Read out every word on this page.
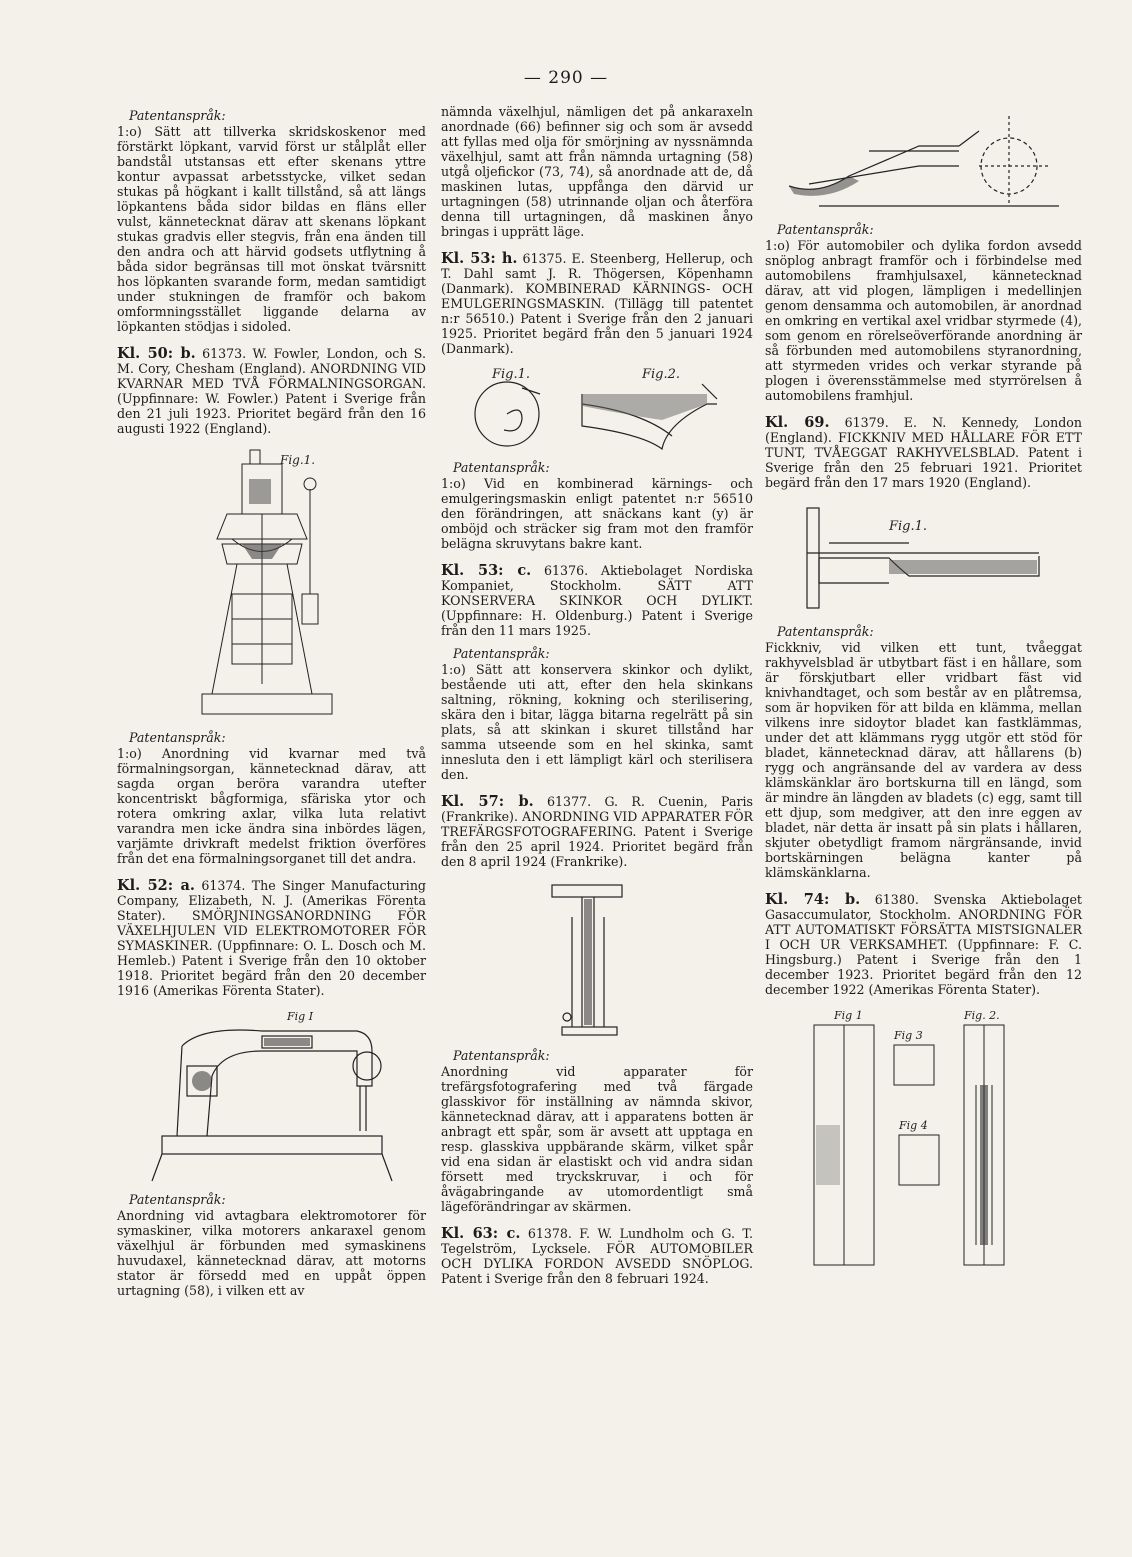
— 290 —

Patentanspråk:

1:o) Sätt att tillverka skridskoskenor med förstärkt löpkant, varvid först ur stålplåt eller bandstål utstansas ett efter skenans yttre kontur avpassat arbetsstycke, vilket sedan stukas på högkant i kallt tillstånd, så att längs löpkantens båda sidor bildas en fläns eller vulst, kännetecknat därav att skenans löpkant stukas gradvis eller stegvis, från ena änden till den andra och att härvid godsets utflytning å båda sidor begränsas till mot önskat tvärsnitt hos löpkanten svarande form, medan samtidigt under stukningen de framför och bakom omformningsstället liggande delarna av löpkanten stödjas i sidoled.

Kl. 50: b. 61373. W. Fowler, London, och S. M. Cory, Chesham (England). ANORDNING VID KVARNAR MED TVÅ FÖRMALNINGSORGAN. (Uppfinnare: W. Fowler.) Patent i Sverige från den 21 juli 1923. Prioritet begärd från den 16 augusti 1922 (England).

Fig.1.

Patentanspråk:

1:o) Anordning vid kvarnar med två förmalningsorgan, kännetecknad därav, att sagda organ beröra varandra utefter koncentriskt bågformiga, sfäriska ytor och rotera omkring axlar, vilka luta relativt varandra men icke ändra sina inbördes lägen, varjämte drivkraft medelst friktion överföres från det ena förmalningsorganet till det andra.

Kl. 52: a. 61374. The Singer Manufacturing Company, Elizabeth, N. J. (Amerikas Förenta Stater). SMÖRJNINGSANORDNING FÖR VÄXELHJULEN VID ELEKTROMOTORER FÖR SYMASKINER. (Uppfinnare: O. L. Dosch och M. Hemleb.) Patent i Sverige från den 10 oktober 1918. Prioritet begärd från den 20 december 1916 (Amerikas Förenta Stater).

Fig I

Patentanspråk:

Anordning vid avtagbara elektromotorer för symaskiner, vilka motorers ankaraxel genom växelhjul är förbunden med symaskinens huvudaxel, kännetecknad därav, att motorns stator är försedd med en uppåt öppen urtagning (58), i vilken ett av

nämnda växelhjul, nämligen det på ankaraxeln anordnade (66) befinner sig och som är avsedd att fyllas med olja för smörjning av nyssnämnda växelhjul, samt att från nämnda urtagning (58) utgå oljefickor (73, 74), så anordnade att de, då maskinen lutas, uppfånga den därvid ur urtagningen (58) utrinnande oljan och återföra denna till urtagningen, då maskinen ånyo bringas i upprätt läge.

Kl. 53: h. 61375. E. Steenberg, Hellerup, och T. Dahl samt J. R. Thögersen, Köpenhamn (Danmark). KOMBINERAD KÄRNINGS- OCH EMULGERINGSMASKIN. (Tillägg till patentet n:r 56510.) Patent i Sverige från den 2 januari 1925. Prioritet begärd från den 5 januari 1924 (Danmark).

Fig.1.	Fig.2.

Patentanspråk:

1:o) Vid en kombinerad kärnings- och emulgeringsmaskin enligt patentet n:r 56510 den förändringen, att snäckans kant (y) är omböjd och sträcker sig fram mot den framför belägna skruvytans bakre kant.

Kl. 53: c. 61376. Aktiebolaget Nordiska Kompaniet, Stockholm. SÄTT ATT KONSERVERA SKINKOR OCH DYLIKT. (Uppfinnare: H. Oldenburg.) Patent i Sverige från den 11 mars 1925.

Patentanspråk:

1:o) Sätt att konservera skinkor och dylikt, bestående uti att, efter den hela skinkans saltning, rökning, kokning och sterilisering, skära den i bitar, lägga bitarna regelrätt på sin plats, så att skinkan i skuret tillstånd har samma utseende som en hel skinka, samt innesluta den i ett lämpligt kärl och sterilisera den.

Kl. 57: b. 61377. G. R. Cuenin, Paris (Frankrike). ANORDNING VID APPARATER FÖR TREFÄRGSFOTOGRAFERING. Patent i Sverige från den 25 april 1924. Prioritet begärd från den 8 april 1924 (Frankrike).

Patentanspråk:

Anordning vid apparater för trefärgsfotografering med två färgade glasskivor för inställning av nämnda skivor, kännetecknad därav, att i apparatens botten är anbragt ett spår, som är avsett att upptaga en resp. glasskiva uppbärande skärm, vilket spår vid ena sidan är elastiskt och vid andra sidan försett med tryckskruvar, i och för åvägabringande av utomordentligt små lägeförändringar av skärmen.

Kl. 63: c. 61378. F. W. Lundholm och G. T. Tegelström, Lycksele. FÖR AUTOMOBILER OCH DYLIKA FORDON AVSEDD SNÖPLOG. Patent i Sverige från den 8 februari 1924.

Patentanspråk:

1:o) För automobiler och dylika fordon avsedd snöplog anbragt framför och i förbindelse med automobilens framhjulsaxel, kännetecknad därav, att vid plogen, lämpligen i medellinjen genom densamma och automobilen, är anordnad en omkring en vertikal axel vridbar styrmede (4), som genom en rörelseöverförande anordning är så förbunden med automobilens styranordning, att styrmeden vrides och verkar styrande på plogen i överensstämmelse med styrrörelsen å automobilens framhjul.

Kl. 69. 61379. E. N. Kennedy, London (England). FICKKNIV MED HÅLLARE FÖR ETT TUNT, TVÅEGGAT RAKHYVELSBLAD. Patent i Sverige från den 25 februari 1921. Prioritet begärd från den 17 mars 1920 (England).

Fig.1.

Patentanspråk:

Fickkniv, vid vilken ett tunt, tvåeggat rakhyvelsblad är utbytbart fäst i en hållare, som är förskjutbart eller vridbart fäst vid knivhandtaget, och som består av en plåtremsa, som är hopviken för att bilda en klämma, mellan vilkens inre sidoytor bladet kan fastklämmas, under det att klämmans rygg utgör ett stöd för bladet, kännetecknad därav, att hållarens (b) rygg och angränsande del av vardera av dess klämskänklar äro bortskurna till en längd, som är mindre än längden av bladets (c) egg, samt till ett djup, som medgiver, att den inre eggen av bladet, när detta är insatt på sin plats i hållaren, skjuter obetydligt framom närgränsande, invid bortskärningen belägna kanter på klämskänklarna.

Kl. 74: b. 61380. Svenska Aktiebolaget Gasaccumulator, Stockholm. ANORDNING FÖR ATT AUTOMATISKT FÖRSÄTTA MISTSIGNALER I OCH UR VERKSAMHET. (Uppfinnare: F. C. Hingsburg.) Patent i Sverige från den 1 december 1923. Prioritet begärd från den 12 december 1922 (Amerikas Förenta Stater).

Fig 1	Fig. 2.
Fig 3
Fig 4
